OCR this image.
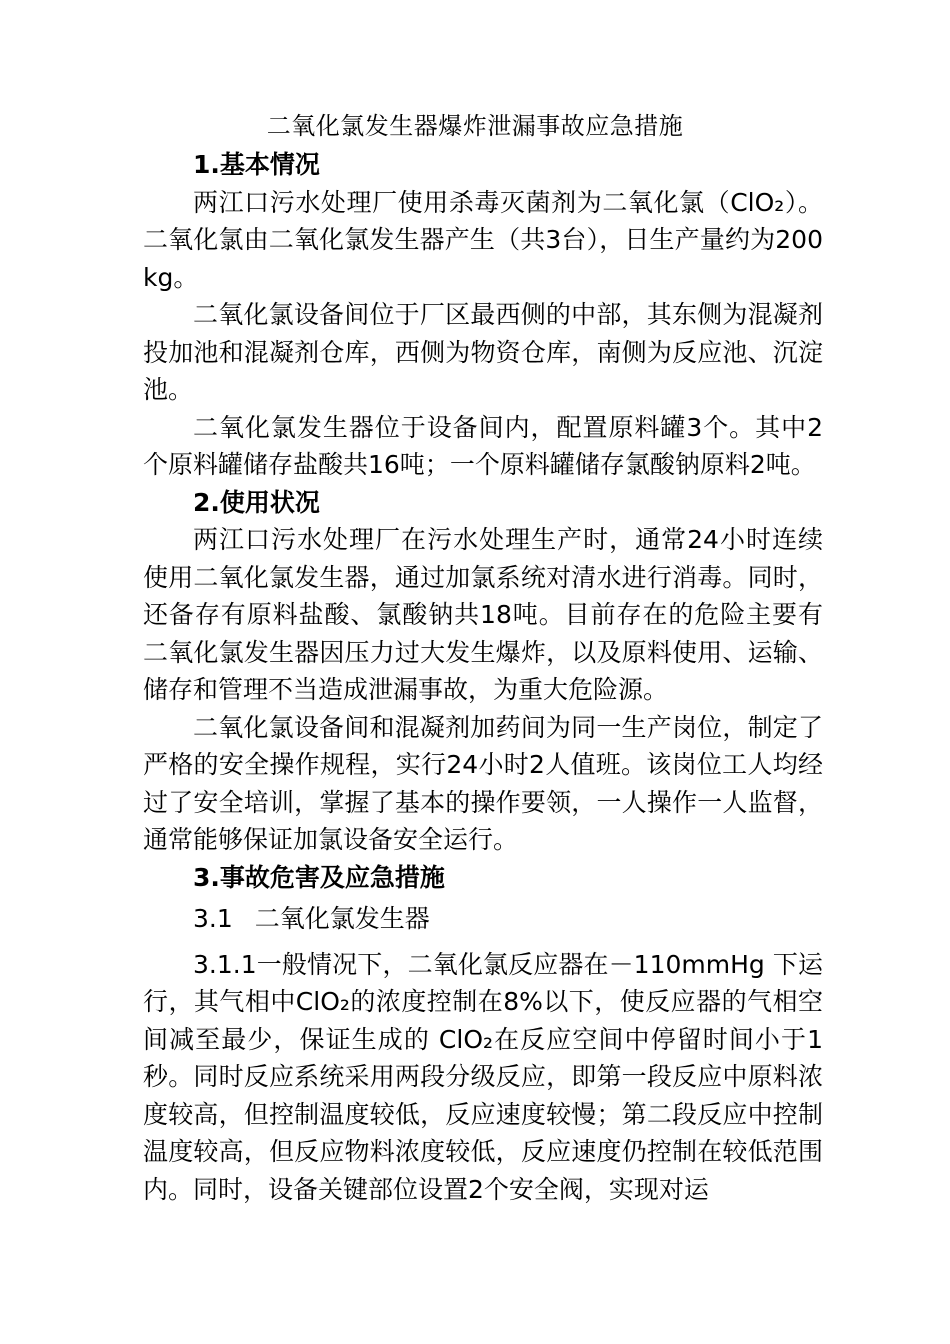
二氧化氯发生器爆炸泄漏事故应急措施
1.基本情况

两江口污水处理厂使用杀毒灭菌剂为二氧化氯（ClO₂）。二氧化氯由二氧化氯发生器产生（共3台），日生产量约为200kg。

二氧化氯设备间位于厂区最西侧的中部，其东侧为混凝剂投加池和混凝剂仓库，西侧为物资仓库，南侧为反应池、沉淀池。

二氧化氯发生器位于设备间内，配置原料罐3个。其中2个原料罐储存盐酸共16吨；一个原料罐储存氯酸钠原料2吨。

2.使用状况

两江口污水处理厂在污水处理生产时，通常24小时连续使用二氧化氯发生器，通过加氯系统对清水进行消毒。同时，还备存有原料盐酸、氯酸钠共18吨。目前存在的危险主要有二氧化氯发生器因压力过大发生爆炸，以及原料使用、运输、储存和管理不当造成泄漏事故，为重大危险源。

二氧化氯设备间和混凝剂加药间为同一生产岗位，制定了严格的安全操作规程，实行24小时2人值班。该岗位工人均经过了安全培训，掌握了基本的操作要领，一人操作一人监督，通常能够保证加氯设备安全运行。

3.事故危害及应急措施

3.1 二氧化氯发生器

3.1.1一般情况下，二氧化氯反应器在－110mmHg 下运行，其气相中ClO₂的浓度控制在8%以下，使反应器的气相空间减至最少，保证生成的 ClO₂在反应空间中停留时间小于1秒。同时反应系统采用两段分级反应，即第一段反应中原料浓度较高，但控制温度较低，反应速度较慢；第二段反应中控制温度较高，但反应物料浓度较低，反应速度仍控制在较低范围内。同时，设备关键部位设置2个安全阀，实现对运
